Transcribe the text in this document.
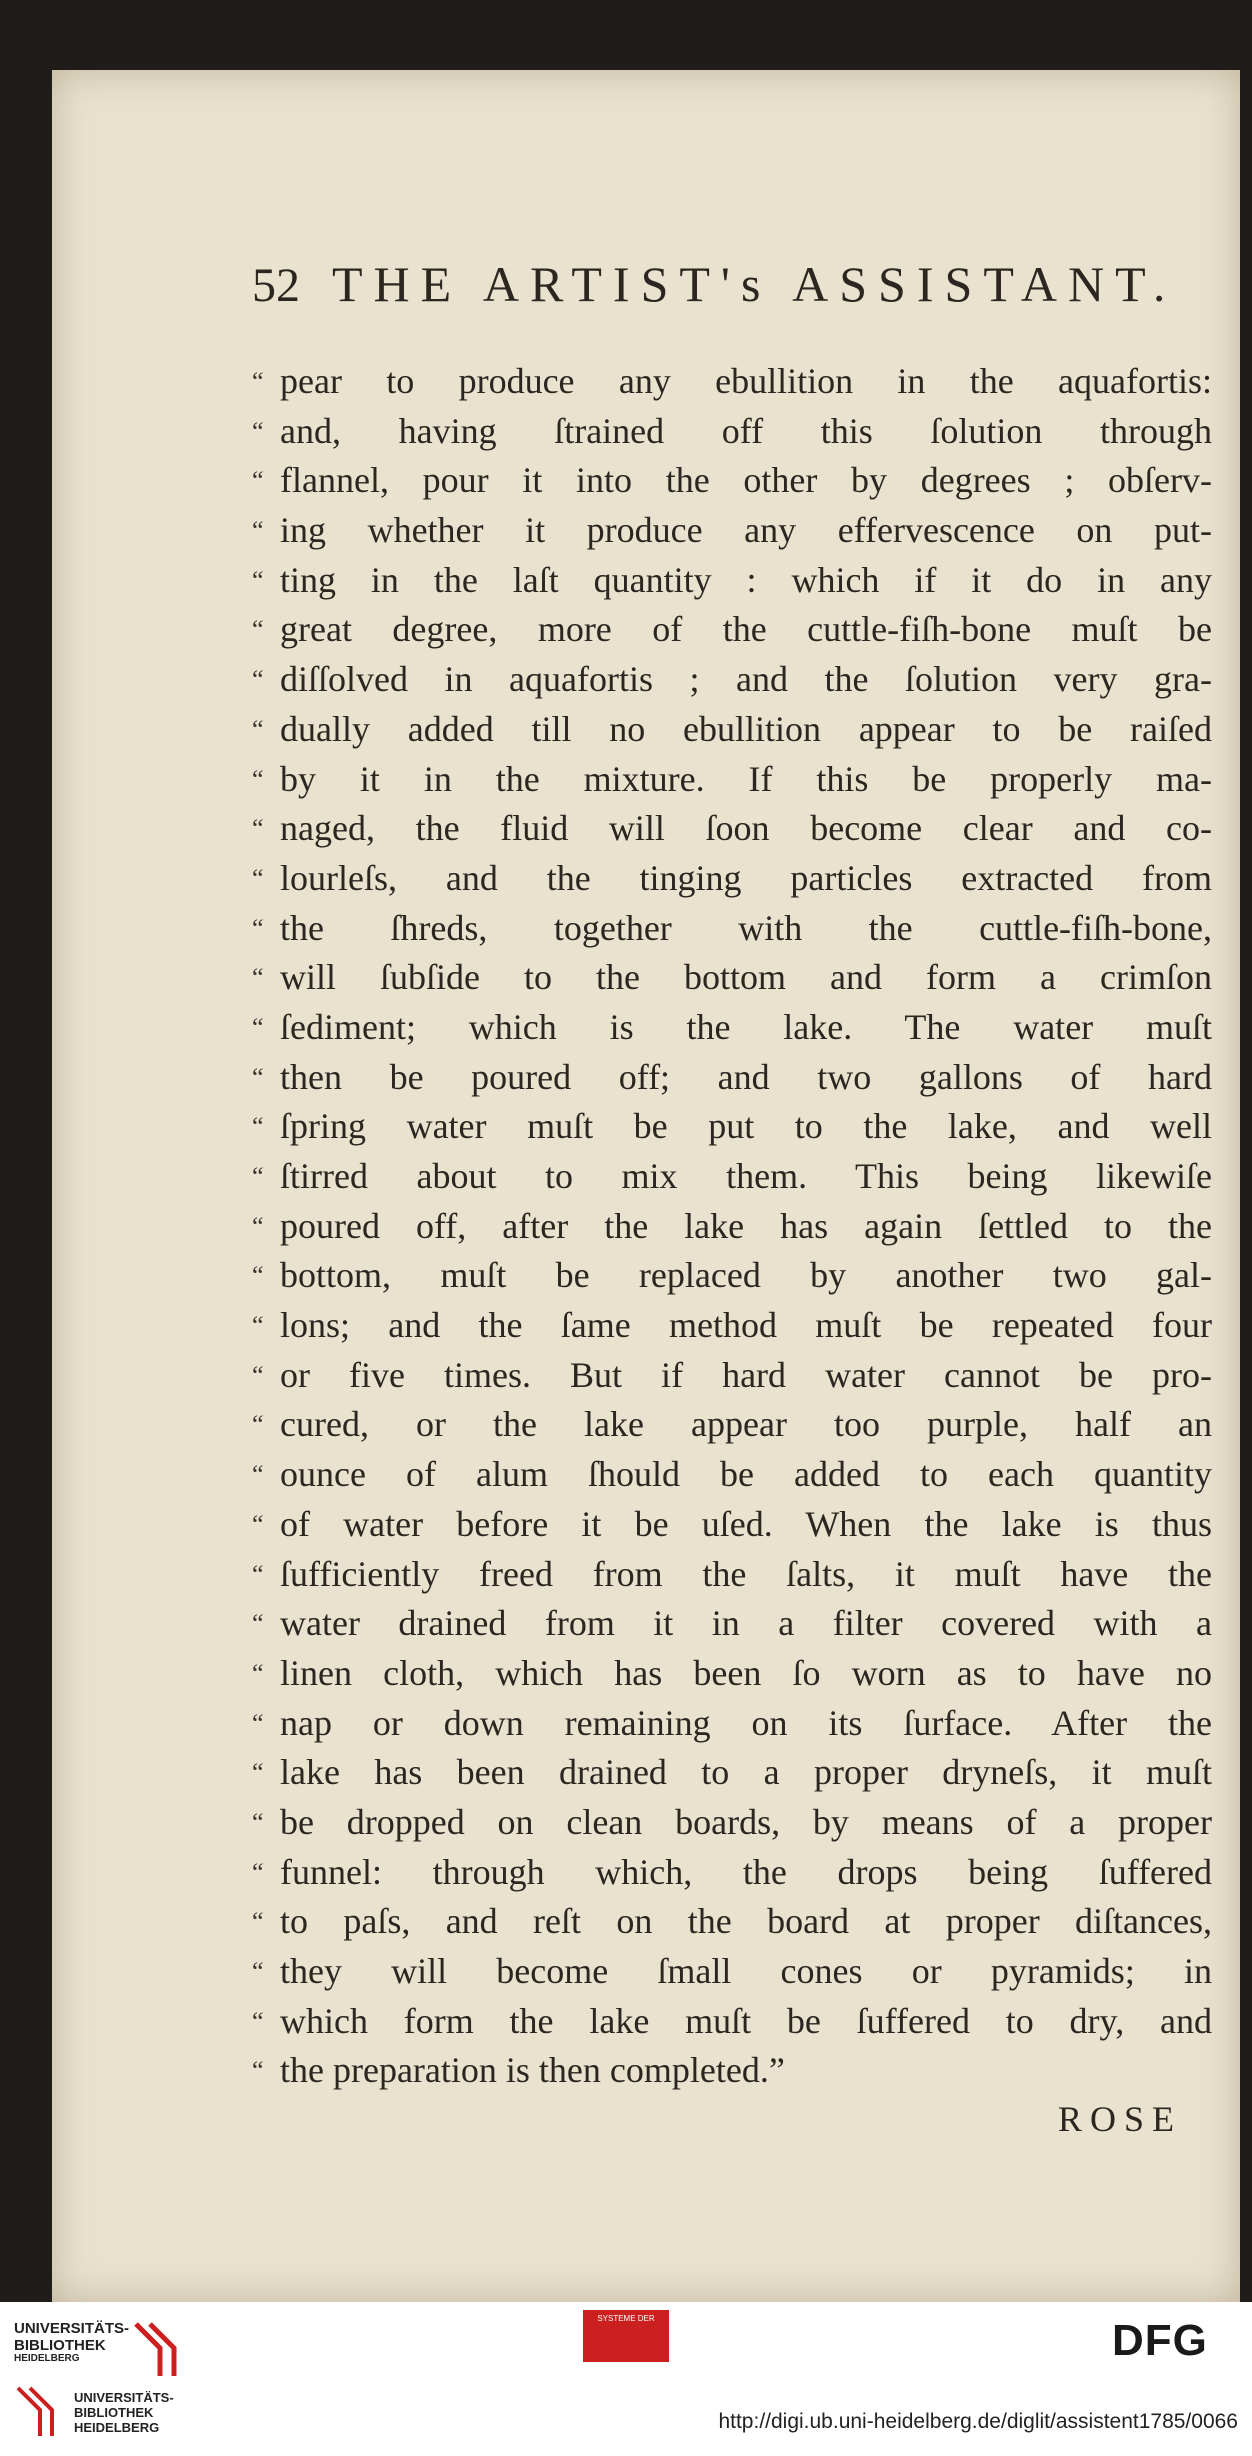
52 THE ARTIST's ASSISTANT.
“ pear to produce any ebullition in the aquafortis:
“ and, having ſtrained off this ſolution through
“ flannel, pour it into the other by degrees ; obſerv-
“ ing whether it produce any effervescence on put-
“ ting in the laſt quantity : which if it do in any
“ great degree, more of the cuttle-fiſh-bone muſt be
“ diſſolved in aquafortis ; and the ſolution very gra-
“ dually added till no ebullition appear to be raiſed
“ by it in the mixture. If this be properly ma-
“ naged, the fluid will ſoon become clear and co-
“ lourleſs, and the tinging particles extracted from
“ the ſhreds, together with the cuttle-fiſh-bone,
“ will ſubſide to the bottom and form a crimſon
“ ſediment; which is the lake. The water muſt
“ then be poured off; and two gallons of hard
“ ſpring water muſt be put to the lake, and well
“ ſtirred about to mix them. This being likewiſe
“ poured off, after the lake has again ſettled to the
“ bottom, muſt be replaced by another two gal-
“ lons; and the ſame method muſt be repeated four
“ or five times. But if hard water cannot be pro-
“ cured, or the lake appear too purple, half an
“ ounce of alum ſhould be added to each quantity
“ of water before it be uſed. When the lake is thus
“ ſufficiently freed from the ſalts, it muſt have the
“ water drained from it in a filter covered with a
“ linen cloth, which has been ſo worn as to have no
“ nap or down remaining on its ſurface. After the
“ lake has been drained to a proper dryneſs, it muſt
“ be dropped on clean boards, by means of a proper
“ funnel: through which, the drops being ſuffered
“ to paſs, and reſt on the board at proper diſtances,
“ they will become ſmall cones or pyramids; in
“ which form the lake muſt be ſuffered to dry, and
“ the preparation is then completed.”
ROSE
UNIVERSITÄTS-
BIBLIOTHEK
HEIDELBERG
UNIVERSITÄTS-
BIBLIOTHEK
HEIDELBERG
SYSTEME DER	DFG
http://digi.ub.uni-heidelberg.de/diglit/assistent1785/0066
